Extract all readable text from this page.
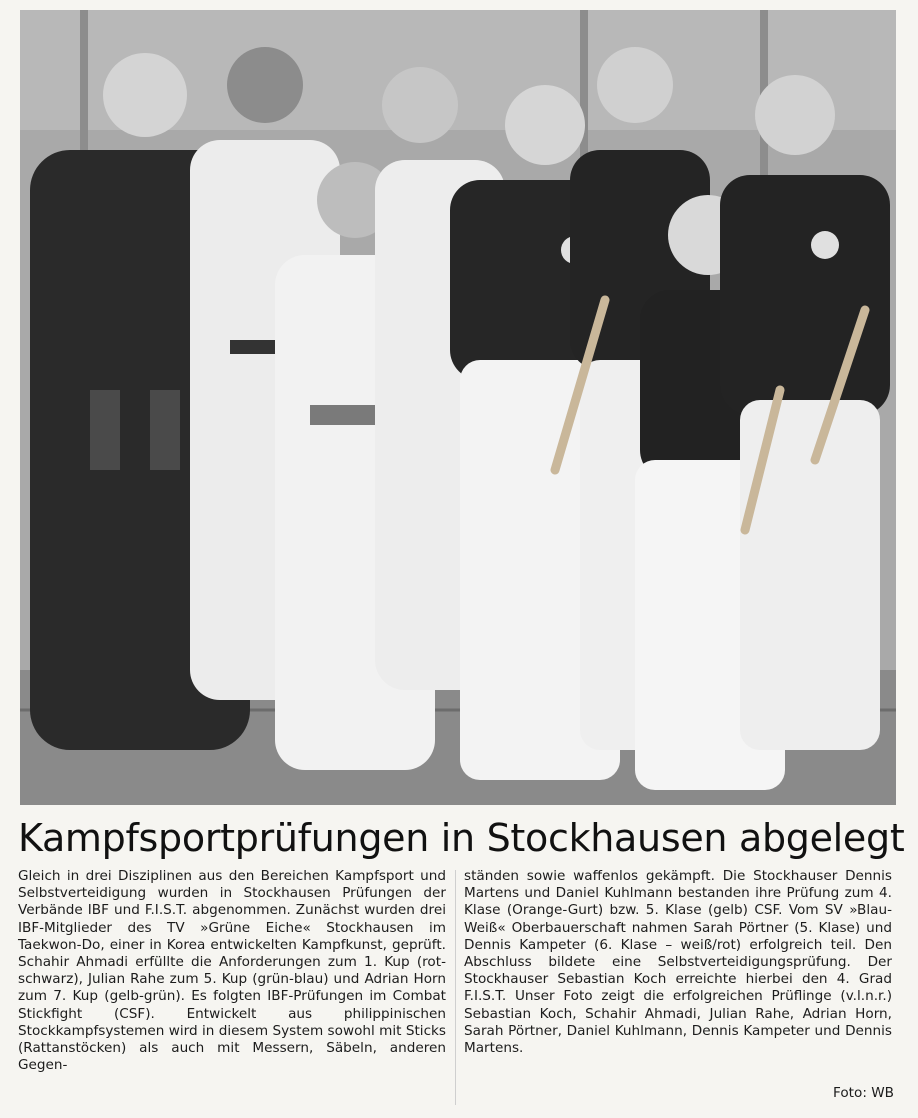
Kampfsportprüfungen in Stockhausen abgelegt

Gleich in drei Disziplinen aus den Bereichen Kampfsport und Selbstverteidigung wurden in Stockhausen Prüfungen der Verbände IBF und F.I.S.T. abgenommen. Zunächst wurden drei IBF-Mitglieder des TV »Grüne Eiche« Stockhausen im Taekwon-Do, einer in Korea entwickelten Kampfkunst, geprüft. Schahir Ahmadi erfüllte die Anforderungen zum 1. Kup (rot-schwarz), Julian Rahe zum 5. Kup (grün-blau) und Adrian Horn zum 7. Kup (gelb-grün). Es folgten IBF-Prüfungen im Combat Stickfight (CSF). Entwickelt aus philippinischen Stockkampfsystemen wird in diesem System sowohl mit Sticks (Rattanstöcken) als auch mit Messern, Säbeln, anderen Gegen-

ständen sowie waffenlos gekämpft. Die Stockhauser Dennis Martens und Daniel Kuhlmann bestanden ihre Prüfung zum 4. Klase (Orange-Gurt) bzw. 5. Klase (gelb) CSF. Vom SV »Blau-Weiß« Oberbauerschaft nahmen Sarah Pörtner (5. Klase) und Dennis Kampeter (6. Klase – weiß/rot) erfolgreich teil. Den Abschluss bildete eine Selbstverteidigungsprüfung. Der Stockhauser Sebastian Koch erreichte hierbei den 4. Grad F.I.S.T. Unser Foto zeigt die erfolgreichen Prüflinge (v.l.n.r.) Sebastian Koch, Schahir Ahmadi, Julian Rahe, Adrian Horn, Sarah Pörtner, Daniel Kuhlmann, Dennis Kampeter und Dennis Martens.

Foto: WB
